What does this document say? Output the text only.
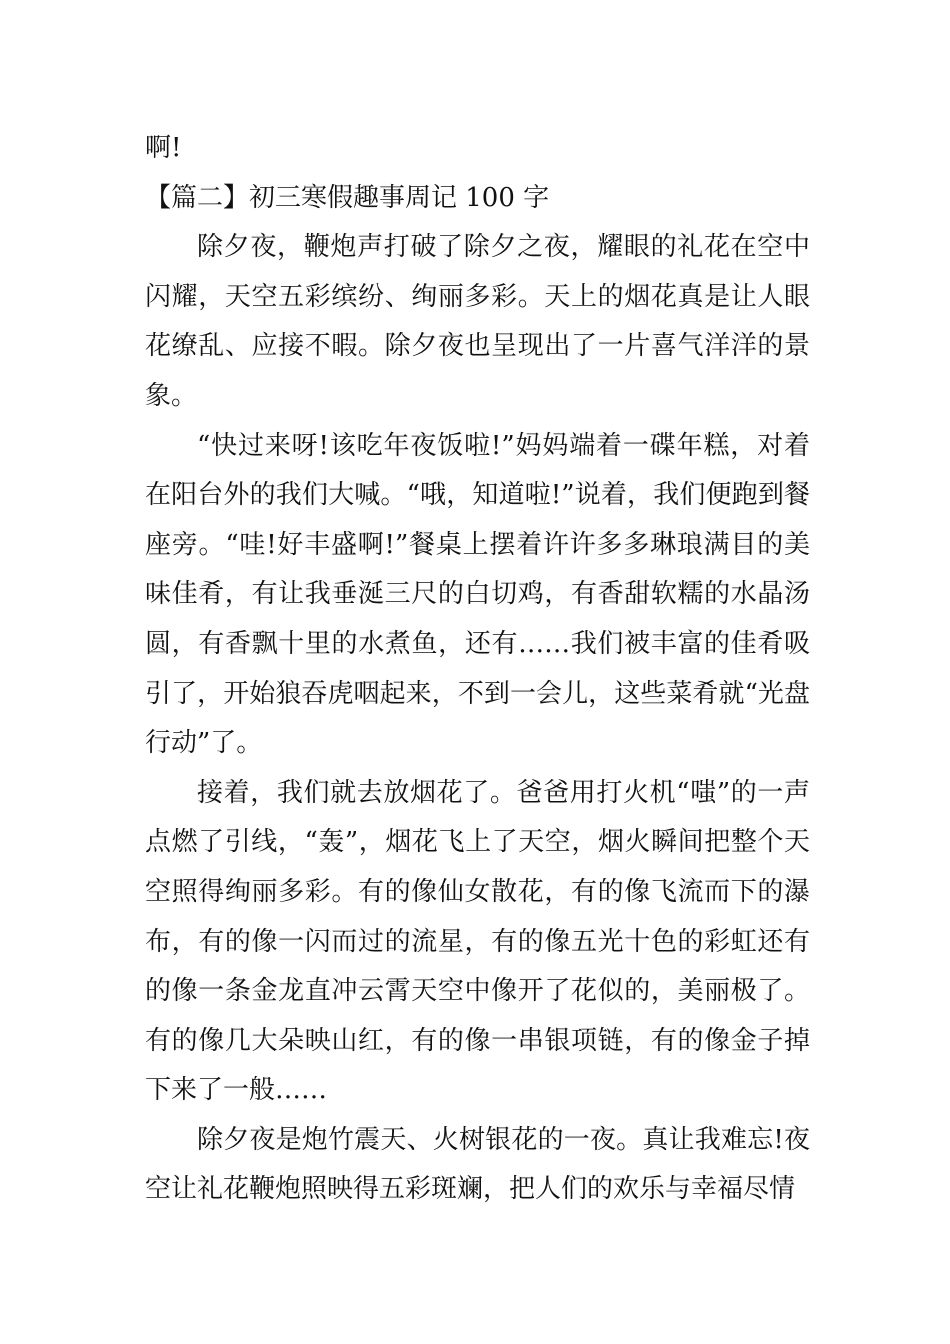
啊!

【篇二】初三寒假趣事周记 100 字

除夕夜，鞭炮声打破了除夕之夜，耀眼的礼花在空中闪耀，天空五彩缤纷、绚丽多彩。天上的烟花真是让人眼花缭乱、应接不暇。除夕夜也呈现出了一片喜气洋洋的景象。

“快过来呀!该吃年夜饭啦!”妈妈端着一碟年糕，对着在阳台外的我们大喊。“哦，知道啦!”说着，我们便跑到餐座旁。“哇!好丰盛啊!”餐桌上摆着许许多多琳琅满目的美味佳肴，有让我垂涎三尺的白切鸡，有香甜软糯的水晶汤圆，有香飘十里的水煮鱼，还有……我们被丰富的佳肴吸引了，开始狼吞虎咽起来，不到一会儿，这些菜肴就“光盘行动”了。

接着，我们就去放烟花了。爸爸用打火机“嗤”的一声点燃了引线，“轰”，烟花飞上了天空，烟火瞬间把整个天空照得绚丽多彩。有的像仙女散花，有的像飞流而下的瀑布，有的像一闪而过的流星，有的像五光十色的彩虹还有的像一条金龙直冲云霄天空中像开了花似的，美丽极了。有的像几大朵映山红，有的像一串银项链，有的像金子掉下来了一般……

除夕夜是炮竹震天、火树银花的一夜。真让我难忘!夜空让礼花鞭炮照映得五彩斑斓，把人们的欢乐与幸福尽情
